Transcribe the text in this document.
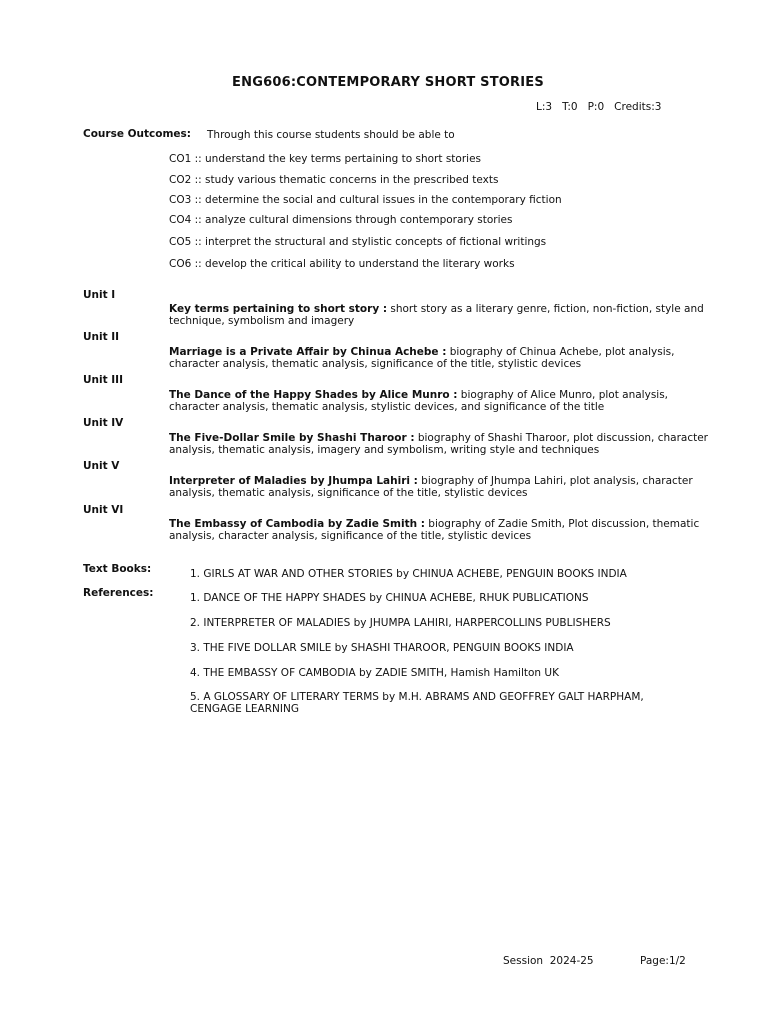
ENG606:CONTEMPORARY SHORT STORIES
L:3 T:0 P:0 Credits:3
Course Outcomes: Through this course students should be able to
CO1 :: understand the key terms pertaining to short stories
CO2 :: study various thematic concerns in the prescribed texts
CO3 :: determine the social and cultural issues in the contemporary fiction
CO4 :: analyze cultural dimensions through contemporary stories
CO5 :: interpret the structural and stylistic concepts of fictional writings
CO6 :: develop the critical ability to understand the literary works
Unit I
Key terms pertaining to short story : short story as a literary genre, fiction, non-fiction, style and technique, symbolism and imagery
Unit II
Marriage is a Private Affair by Chinua Achebe : biography of Chinua Achebe, plot analysis, character analysis, thematic analysis, significance of the title, stylistic devices
Unit III
The Dance of the Happy Shades by Alice Munro : biography of Alice Munro, plot analysis, character analysis, thematic analysis, stylistic devices, and significance of the title
Unit IV
The Five-Dollar Smile by Shashi Tharoor : biography of Shashi Tharoor, plot discussion, character analysis, thematic analysis, imagery and symbolism, writing style and techniques
Unit V
Interpreter of Maladies by Jhumpa Lahiri : biography of Jhumpa Lahiri, plot analysis, character analysis, thematic analysis, significance of the title, stylistic devices
Unit VI
The Embassy of Cambodia by Zadie Smith : biography of Zadie Smith, Plot discussion, thematic analysis, character analysis, significance of the title, stylistic devices
Text Books:	1. GIRLS AT WAR AND OTHER STORIES by CHINUA ACHEBE, PENGUIN BOOKS INDIA
References:	1. DANCE OF THE HAPPY SHADES by CHINUA ACHEBE, RHUK PUBLICATIONS
2. INTERPRETER OF MALADIES by JHUMPA LAHIRI, HARPERCOLLINS PUBLISHERS
3. THE FIVE DOLLAR SMILE by SHASHI THAROOR, PENGUIN BOOKS INDIA
4. THE EMBASSY OF CAMBODIA by ZADIE SMITH, Hamish Hamilton UK
5. A GLOSSARY OF LITERARY TERMS by M.H. ABRAMS AND GEOFFREY GALT HARPHAM, CENGAGE LEARNING
Session  2024-25	Page:1/2
